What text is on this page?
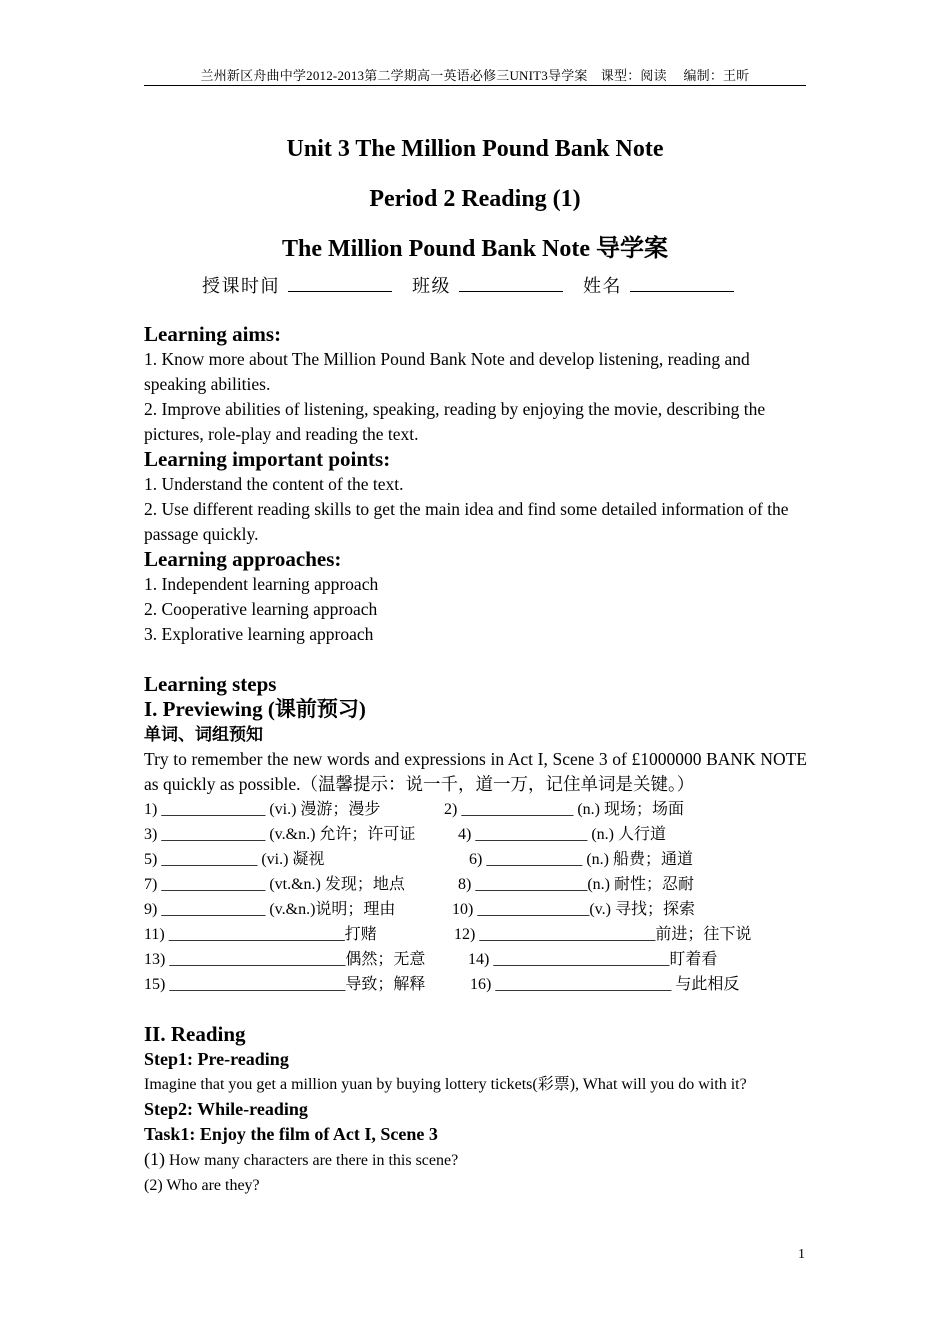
兰州新区舟曲中学2012-2013第二学期高一英语必修三UNIT3导学案　课型：阅读　 编制：王昕
Unit 3 The Million Pound Bank Note
Period 2 Reading (1)
The Million Pound Bank Note 导学案
授课时间	班级	姓名
Learning aims:
1. Know more about The Million Pound Bank Note and develop listening, reading and speaking abilities.
2. Improve abilities of listening, speaking, reading by enjoying the movie, describing the pictures, role-play and reading the text.
Learning important points:
1. Understand the content of the text.
2. Use different reading skills to get the main idea and find some detailed information of the passage quickly.
Learning approaches:
1. Independent learning approach
2. Cooperative learning approach
3. Explorative learning approach
Learning steps
I. Previewing (课前预习)
单词、词组预知
Try to remember the new words and expressions in Act I, Scene 3 of £1000000 BANK NOTE as quickly as possible.（温馨提示：说一千，道一万，记住单词是关键。）
1) _____________ (vi.) 漫游；漫步	2) ______________ (n.) 现场；场面
3) _____________ (v.&n.) 允许；许可证	4) ______________ (n.) 人行道
5) ____________ (vi.) 凝视	6) ____________ (n.) 船费；通道
7) _____________ (vt.&n.) 发现；地点	8) ______________(n.) 耐性；忍耐
9) _____________ (v.&n.)说明；理由	10) ______________(v.) 寻找；探索
11) ______________________打赌	12) ______________________前进；往下说
13) ______________________偶然；无意	14) ______________________盯着看
15) ______________________导致；解释	16) ______________________ 与此相反
II. Reading
Step1: Pre-reading
Imagine that you get a million yuan by buying lottery tickets(彩票), What will you do with it?
Step2: While-reading
Task1: Enjoy the film of Act I, Scene 3
(1) How many characters are there in this scene?
(2) Who are they?
1
